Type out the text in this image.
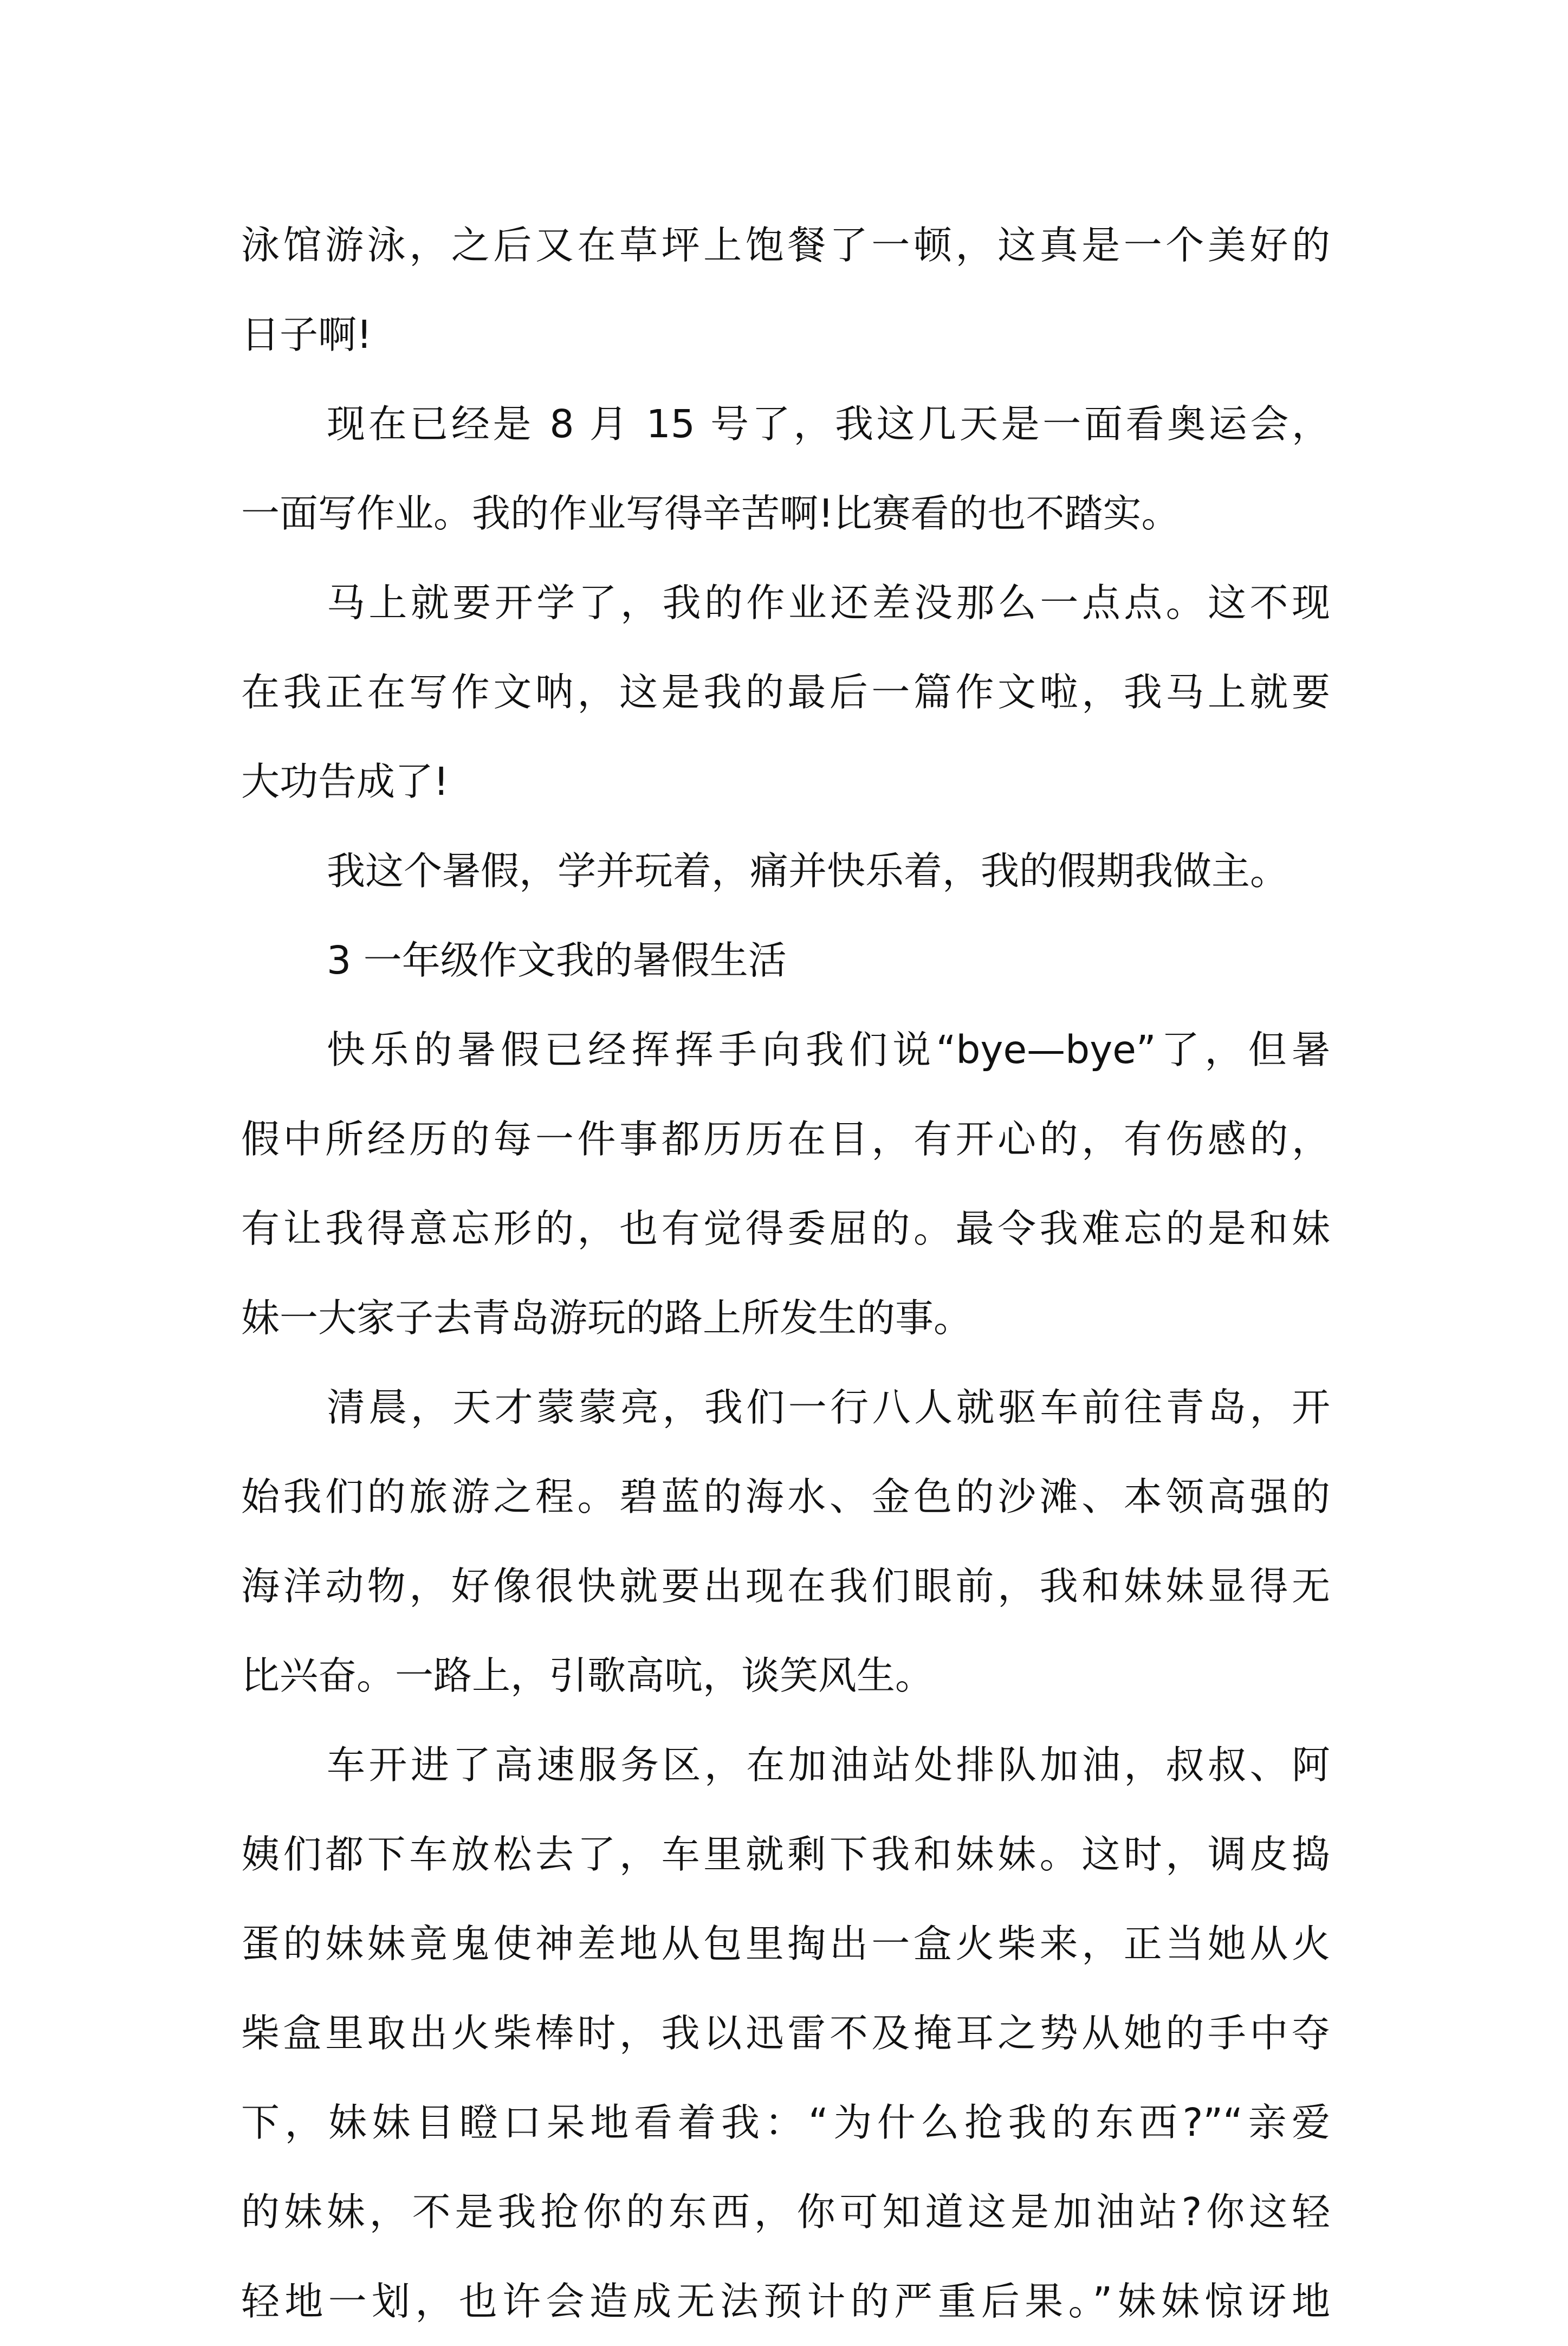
泳馆游泳，之后又在草坪上饱餐了一顿，这真是一个美好的
日子啊!
现在已经是 8 月 15 号了，我这几天是一面看奥运会，
一面写作业。我的作业写得辛苦啊!比赛看的也不踏实。
马上就要开学了，我的作业还差没那么一点点。这不现
在我正在写作文呐，这是我的最后一篇作文啦，我马上就要
大功告成了!
我这个暑假，学并玩着，痛并快乐着，我的假期我做主。
3 一年级作文我的暑假生活
快乐的暑假已经挥挥手向我们说“bye—bye”了，但暑
假中所经历的每一件事都历历在目，有开心的，有伤感的，
有让我得意忘形的，也有觉得委屈的。最令我难忘的是和妹
妹一大家子去青岛游玩的路上所发生的事。
清晨，天才蒙蒙亮，我们一行八人就驱车前往青岛，开
始我们的旅游之程。碧蓝的海水、金色的沙滩、本领高强的
海洋动物，好像很快就要出现在我们眼前，我和妹妹显得无
比兴奋。一路上，引歌高吭，谈笑风生。
车开进了高速服务区，在加油站处排队加油，叔叔、阿
姨们都下车放松去了，车里就剩下我和妹妹。这时，调皮捣
蛋的妹妹竟鬼使神差地从包里掏出一盒火柴来，正当她从火
柴盒里取出火柴棒时，我以迅雷不及掩耳之势从她的手中夺
下，妹妹目瞪口呆地看着我：“为什么抢我的东西?”“亲爱
的妹妹，不是我抢你的东西，你可知道这是加油站?你这轻
轻地一划，也许会造成无法预计的严重后果。”妹妹惊讶地
